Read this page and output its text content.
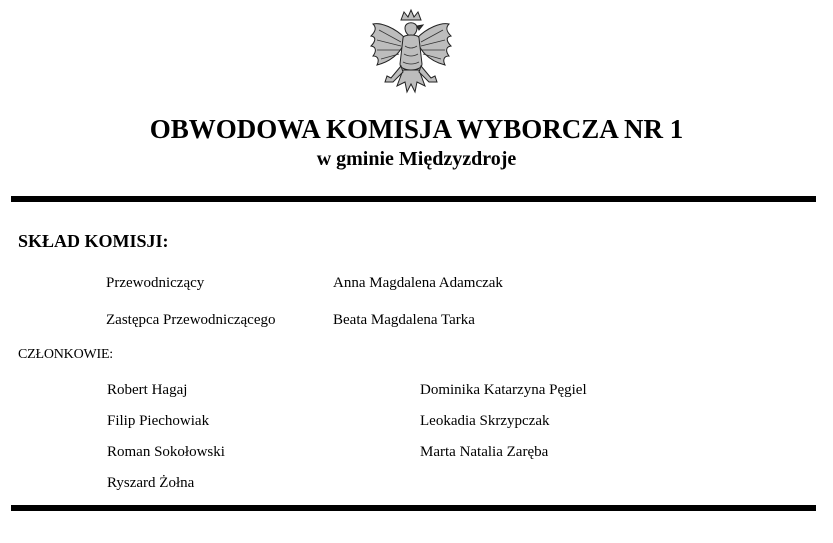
OBWODOWA KOMISJA WYBORCZA NR 1
w gminie Międzyzdroje
SKŁAD KOMISJI:
Przewodniczący	Anna Magdalena Adamczak
Zastępca Przewodniczącego	Beata Magdalena Tarka
CZŁONKOWIE:
Robert Hagaj	Dominika Katarzyna Pęgiel
Filip Piechowiak	Leokadia Skrzypczak
Roman Sokołowski	Marta Natalia Zaręba
Ryszard Żołna
